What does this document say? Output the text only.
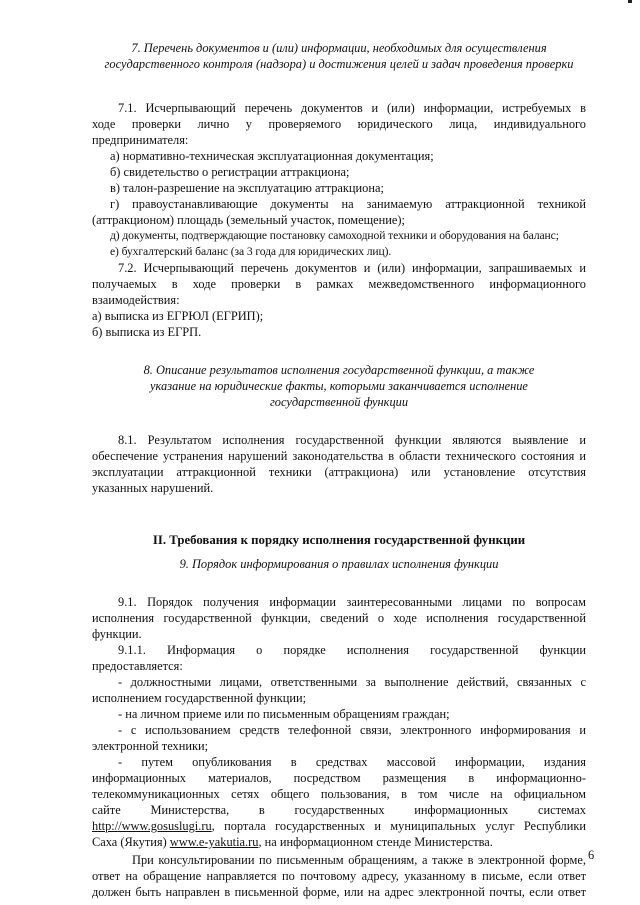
7. Перечень документов и (или) информации, необходимых для осуществления

государственного контроля (надзора) и достижения целей и задач проведения проверки

7.1. Исчерпывающий перечень документов и (или) информации, истребуемых в

ходе проверки лично у проверяемого юридического лица, индивидуального

предпринимателя:

а) нормативно-техническая эксплуатационная документация;

б) свидетельство о регистрации аттракциона;

в) талон-разрешение на эксплуатацию аттракциона;

г) правоустанавливающие документы на занимаемую аттракционной техникой

(аттракционом) площадь (земельный участок, помещение);

д) документы, подтверждающие постановку самоходной техники и оборудования на баланс;

е) бухгалтерский баланс (за 3 года для юридических лиц).

7.2. Исчерпывающий перечень документов и (или) информации, запрашиваемых и

получаемых в ходе проверки в рамках межведомственного информационного

взаимодействия:

а) выписка из ЕГРЮЛ (ЕГРИП);

б) выписка из ЕГРП.

8. Описание результатов исполнения государственной функции, а также

указание на юридические факты, которыми заканчивается исполнение

государственной функции

8.1. Результатом исполнения государственной функции являются выявление и

обеспечение устранения нарушений законодательства в области технического состояния и

эксплуатации аттракционной техники (аттракциона) или установление отсутствия

указанных нарушений.

II. Требования к порядку исполнения государственной функции

9. Порядок информирования о правилах исполнения функции

9.1. Порядок получения информации заинтересованными лицами по вопросам

исполнения государственной функции, сведений о ходе исполнения государственной

функции.

9.1.1. Информация о порядке исполнения государственной функции

предоставляется:

- должностными лицами, ответственными за выполнение действий, связанных с

исполнением государственной функции;

- на личном приеме или по письменным обращениям граждан;

- с использованием средств телефонной связи, электронного информирования и

электронной техники;

- путем опубликования в средствах массовой информации, издания

информационных материалов, посредством размещения в информационно-

телекоммуникационных сетях общего пользования, в том числе на официальном

сайте Министерства, в государственных информационных системах

http://www.gosuslugi.ru, портала государственных и муниципальных услуг Республики

Саха (Якутия) www.e-yakutia.ru, на информационном стенде Министерства.

При консультировании по письменным обращениям, а также в электронной форме,

ответ на обращение направляется по почтовому адресу, указанному в письме, если ответ

должен быть направлен в письменной форме, или на адрес электронной почты, если ответ

6
